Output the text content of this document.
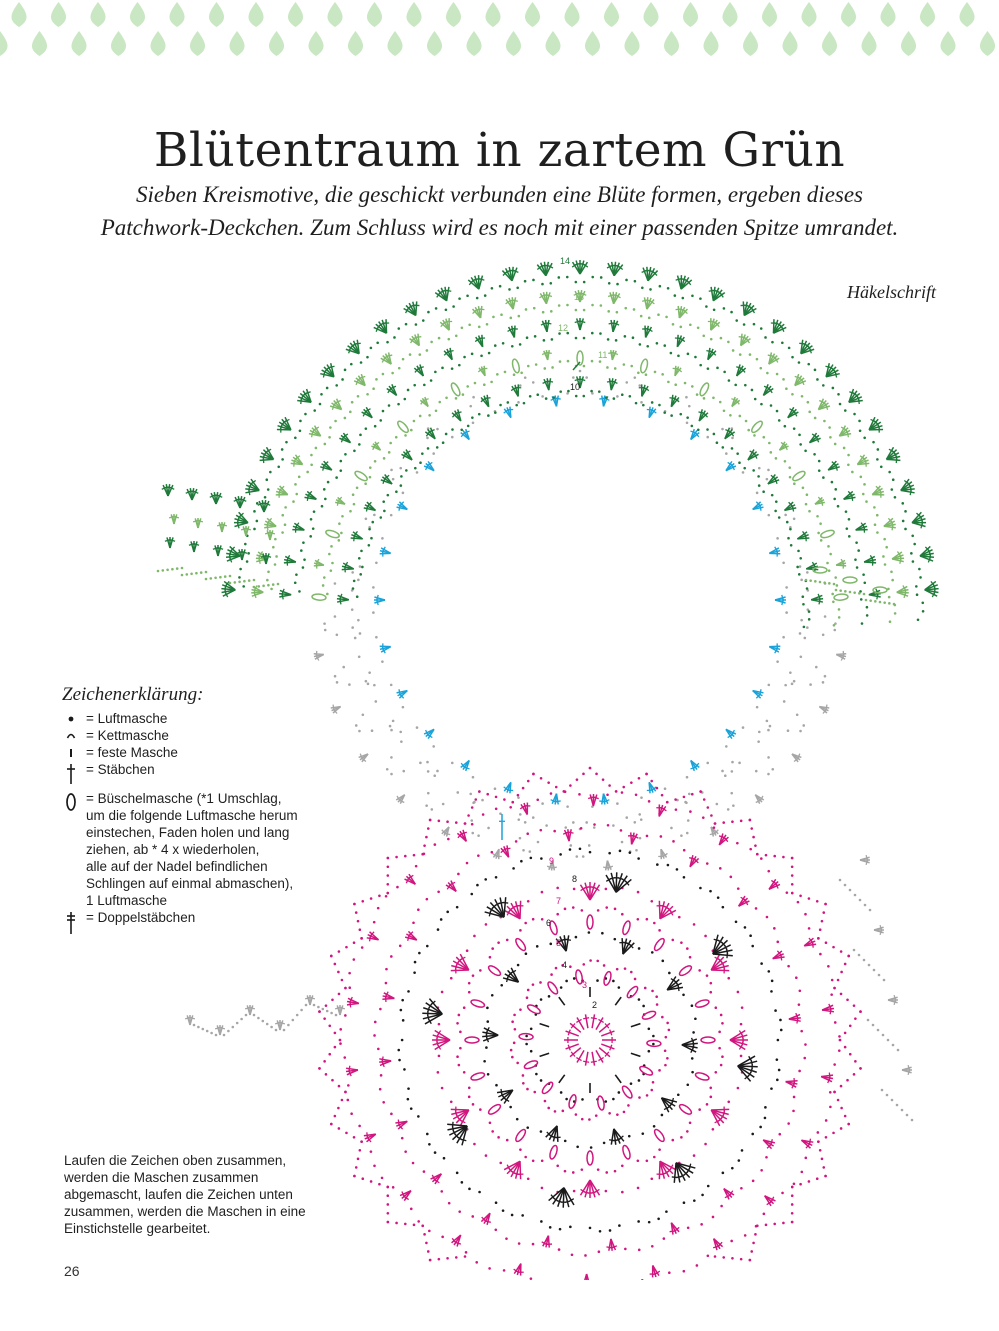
Blütentraum in zartem Grün
Sieben Kreismotive, die geschickt verbunden eine Blüte formen, ergeben dieses
Patchwork-Deckchen. Zum Schluss wird es noch mit einer passenden Spitze umrandet.
14
13
12
11
10
9
8
7
6
5
4
3
2
Häkelschrift
Zeichenerklärung:
= Luftmasche
= Kettmasche
= feste Masche
= Stäbchen
= Büschelmasche (*1 Umschlag,
um die folgende Luftmasche herum
einstechen, Faden holen und lang
ziehen, ab * 4 x wiederholen,
alle auf der Nadel befindlichen
Schlingen auf einmal abmaschen),
1 Luftmasche
= Doppelstäbchen
Laufen die Zeichen oben zusammen,
werden die Maschen zusammen
abgemascht, laufen die Zeichen unten
zusammen, werden die Maschen in eine
Einstichstelle gearbeitet.
26
